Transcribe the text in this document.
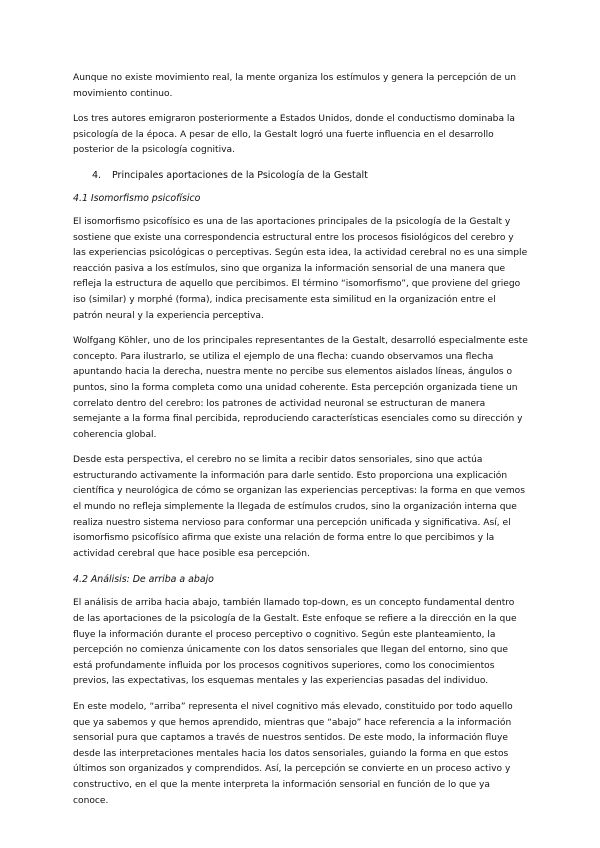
Aunque no existe movimiento real, la mente organiza los estímulos y genera la percepción de un movimiento continuo.

Los tres autores emigraron posteriormente a Estados Unidos, donde el conductismo dominaba la psicología de la época. A pesar de ello, la Gestalt logró una fuerte influencia en el desarrollo posterior de la psicología cognitiva.

4. Principales aportaciones de la Psicología de la Gestalt
4.1 Isomorfismo psicofísico

El isomorfismo psicofísico es una de las aportaciones principales de la psicología de la Gestalt y sostiene que existe una correspondencia estructural entre los procesos fisiológicos del cerebro y las experiencias psicológicas o perceptivas. Según esta idea, la actividad cerebral no es una simple reacción pasiva a los estímulos, sino que organiza la información sensorial de una manera que refleja la estructura de aquello que percibimos. El término “isomorfismo”, que proviene del griego iso (similar) y morphé (forma), indica precisamente esta similitud en la organización entre el patrón neural y la experiencia perceptiva.

Wolfgang Köhler, uno de los principales representantes de la Gestalt, desarrolló especialmente este concepto. Para ilustrarlo, se utiliza el ejemplo de una flecha: cuando observamos una flecha apuntando hacia la derecha, nuestra mente no percibe sus elementos aislados líneas, ángulos o puntos, sino la forma completa como una unidad coherente. Esta percepción organizada tiene un correlato dentro del cerebro: los patrones de actividad neuronal se estructuran de manera semejante a la forma final percibida, reproduciendo características esenciales como su dirección y coherencia global.

Desde esta perspectiva, el cerebro no se limita a recibir datos sensoriales, sino que actúa estructurando activamente la información para darle sentido. Esto proporciona una explicación científica y neurológica de cómo se organizan las experiencias perceptivas: la forma en que vemos el mundo no refleja simplemente la llegada de estímulos crudos, sino la organización interna que realiza nuestro sistema nervioso para conformar una percepción unificada y significativa. Así, el isomorfismo psicofísico afirma que existe una relación de forma entre lo que percibimos y la actividad cerebral que hace posible esa percepción.

4.2 Análisis: De arriba a abajo

El análisis de arriba hacia abajo, también llamado top-down, es un concepto fundamental dentro de las aportaciones de la psicología de la Gestalt. Este enfoque se refiere a la dirección en la que fluye la información durante el proceso perceptivo o cognitivo. Según este planteamiento, la percepción no comienza únicamente con los datos sensoriales que llegan del entorno, sino que está profundamente influida por los procesos cognitivos superiores, como los conocimientos previos, las expectativas, los esquemas mentales y las experiencias pasadas del individuo.

En este modelo, “arriba” representa el nivel cognitivo más elevado, constituido por todo aquello que ya sabemos y que hemos aprendido, mientras que “abajo” hace referencia a la información sensorial pura que captamos a través de nuestros sentidos. De este modo, la información fluye desde las interpretaciones mentales hacia los datos sensoriales, guiando la forma en que estos últimos son organizados y comprendidos. Así, la percepción se convierte en un proceso activo y constructivo, en el que la mente interpreta la información sensorial en función de lo que ya conoce.
